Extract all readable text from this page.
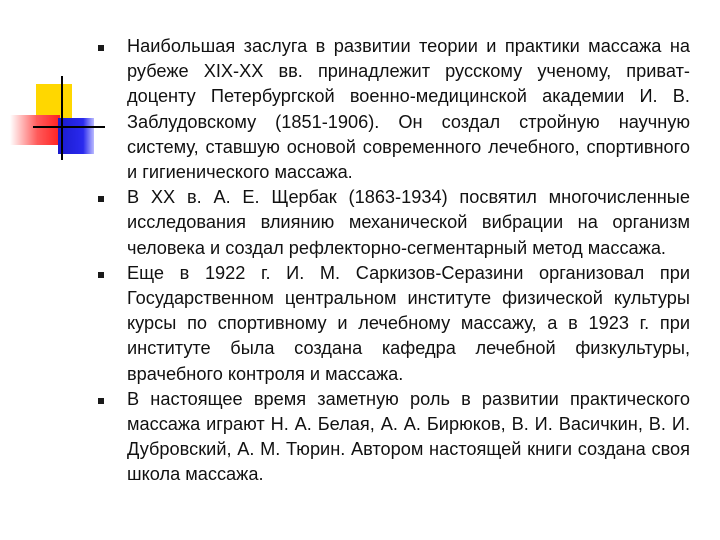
Наибольшая заслуга в развитии теории и практики массажа на рубеже XIX-XX вв. принадлежит русскому ученому, приват-доценту Петербургской военно-медицинской академии И. В. Заблудовскому (1851-1906). Он создал стройную научную систему, ставшую основой современного лечебного, спортивного и гигиенического массажа.
В XX в. А. Е. Щербак (1863-1934) посвятил многочисленные исследования влиянию механической вибрации на организм человека и создал рефлекторно-сегментарный метод массажа.
Еще в 1922 г. И. М. Саркизов-Серазини организовал при Государственном центральном институте физической культуры курсы по спортивному и лечебному массажу, а в 1923 г. при институте была создана кафедра лечебной физкультуры, врачебного контроля и массажа.
В настоящее время заметную роль в развитии практического массажа играют Н. А. Белая, А. А. Бирюков, В. И. Васичкин, В. И. Дубровский, А. М. Тюрин. Автором настоящей книги создана своя школа массажа.
